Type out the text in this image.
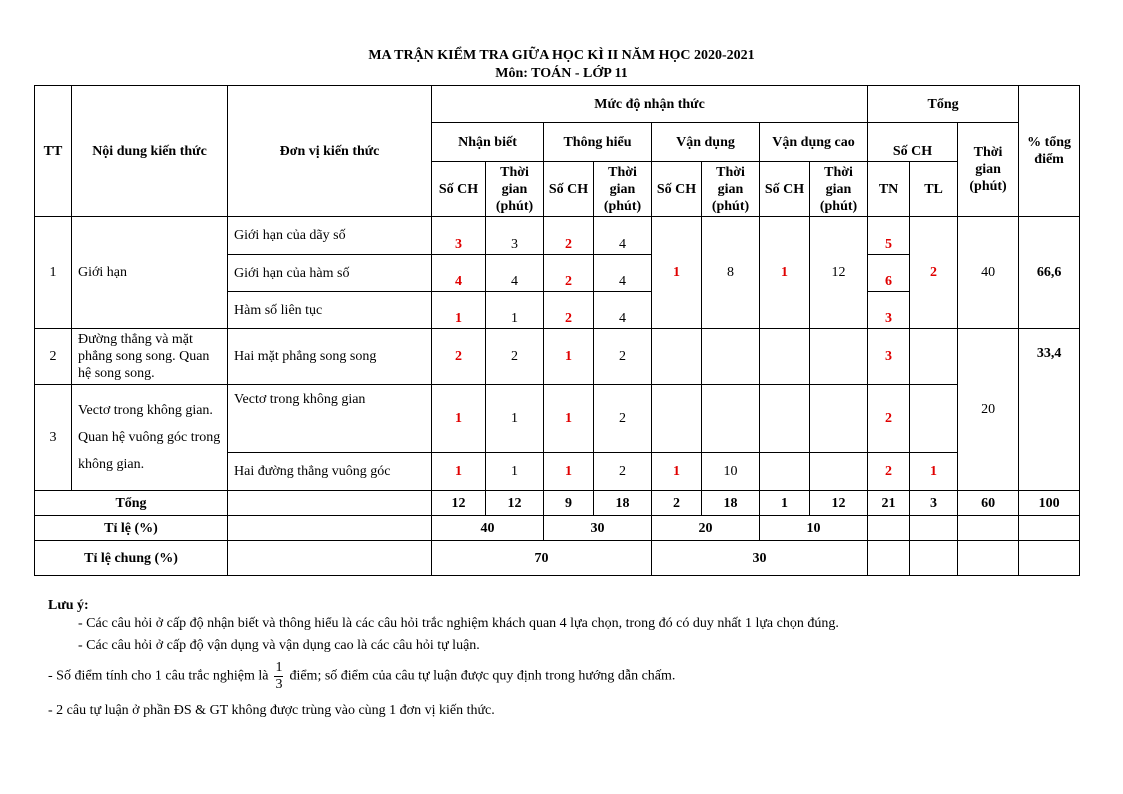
MA TRẬN KIỂM TRA GIỮA HỌC KÌ II NĂM HỌC 2020-2021
Môn: TOÁN - LỚP 11
TT	Nội dung kiến thức	Đơn vị kiến thức	Mức độ nhận thức								Tổng			% tổng điểm
			Nhận biết		Thông hiểu		Vận dụng		Vận dụng cao		Số CH		Thời gian (phút)	
			Số CH	Thời gian (phút)	Số CH	Thời gian (phút)	Số CH	Thời gian (phút)	Số CH	Thời gian (phút)	TN	TL		
1	Giới hạn	Giới hạn của dãy số	3	3	2	4	1	8	1	12	5	2	40	66,6
		Giới hạn của hàm số	4	4	2	4					6			
		Hàm số liên tục	1	1	2	4					3			
2	Đường thẳng và mặt phẳng song song. Quan hệ song song.	Hai mặt phẳng song song	2	2	1	2					3		20	33,4
3	Vectơ trong không gian. Quan hệ vuông góc trong không gian.	Vectơ trong không gian	1	1	1	2					2			
		Hai đường thẳng vuông góc	1	1	1	2	1	10			2	1		
Tổng			12	12	9	18	2	18	1	12	21	3	60	100
Tỉ lệ (%)			40		30		20		10					
Tỉ lệ chung (%)			70				30							
Lưu ý:
- Các câu hỏi ở cấp độ nhận biết và thông hiểu là các câu hỏi trắc nghiệm khách quan 4 lựa chọn, trong đó có duy nhất 1 lựa chọn đúng.
- Các câu hỏi ở cấp độ vận dụng và vận dụng cao là các câu hỏi tự luận.
- Số điểm tính cho 1 câu trắc nghiệm là $\frac{1}{3}$ điểm; số điểm của câu tự luận được quy định trong hướng dẫn chấm.
- 2 câu tự luận ở phần ĐS & GT không được trùng vào cùng 1 đơn vị kiến thức.
